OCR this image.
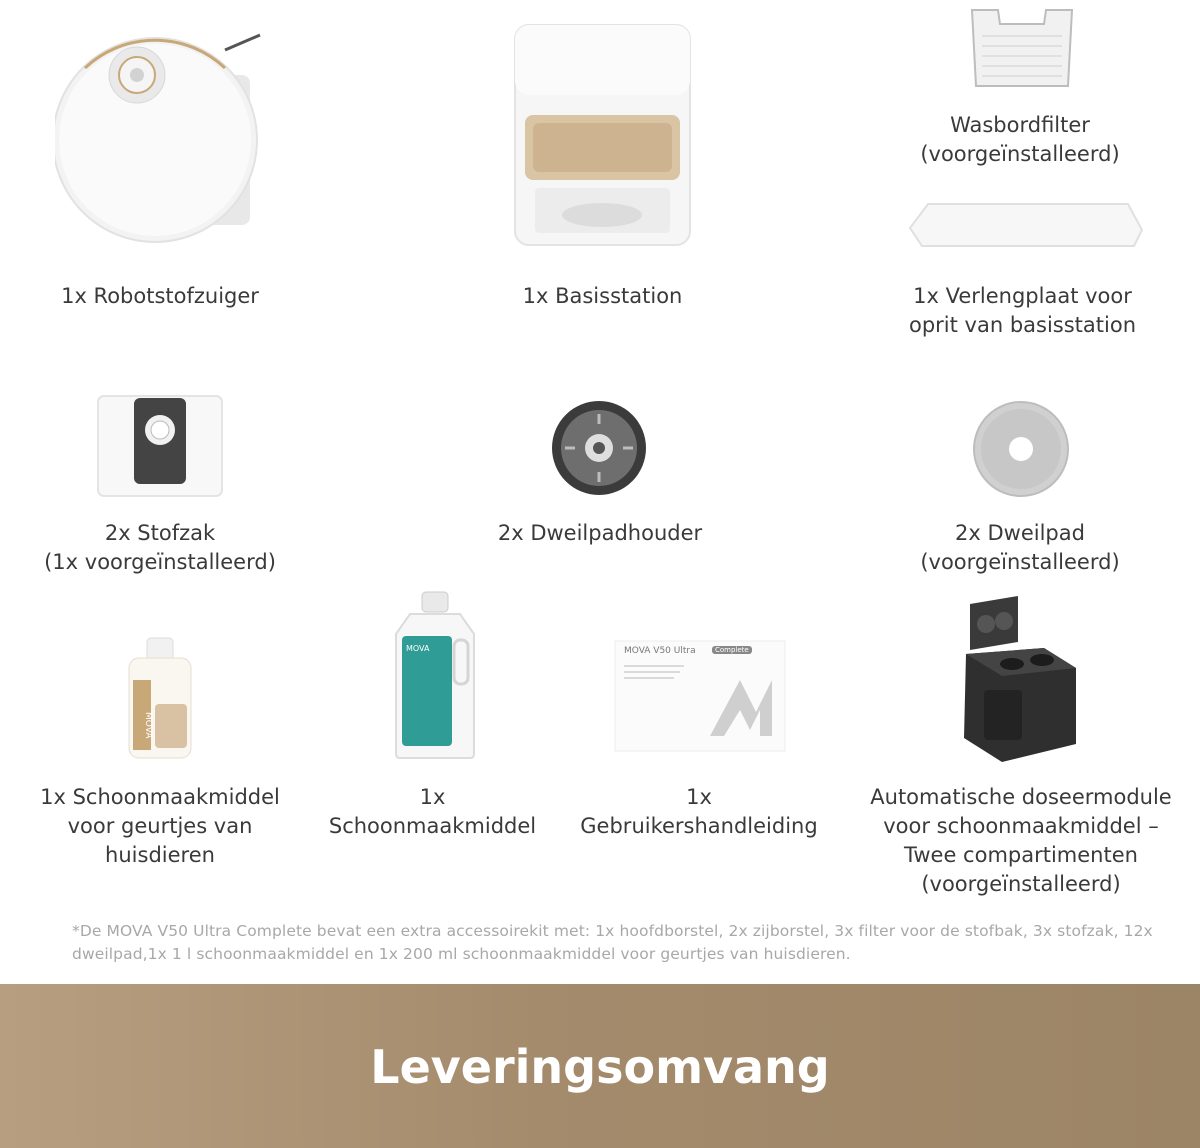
1x Robotstofzuiger	1x Basisstation
Wasbordfilter
(voorgeïnstalleerd)
1x Verlengplaat voor
oprit van basisstation
2x Stofzak
(1x voorgeïnstalleerd)
2x Dweilpadhouder	2x Dweilpad
(voorgeïnstalleerd)
MOVA
1x Schoonmaakmiddel
voor geurtjes van
huisdieren
MOVA
1x
Schoonmaakmiddel
MOVA V50 Ultra	Complete
1x
Gebruikershandleiding
Automatische doseermodule
voor schoonmaakmiddel –
Twee compartimenten
(voorgeïnstalleerd)
*De MOVA V50 Ultra Complete bevat een extra accessoirekit met: 1x hoofdborstel, 2x zijborstel, 3x filter voor de stofbak, 3x stofzak, 12x dweilpad,1x 1 l schoonmaakmiddel en 1x 200 ml schoonmaakmiddel voor geurtjes van huisdieren.
Leveringsomvang
